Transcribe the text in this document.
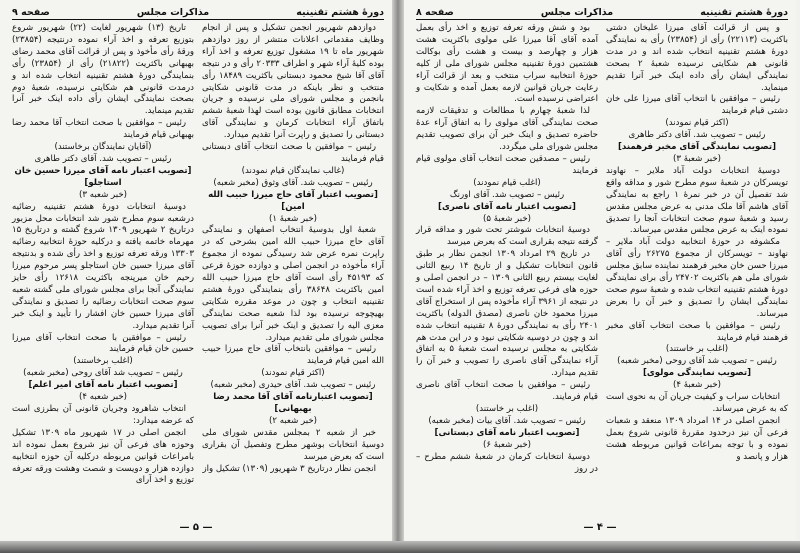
دورهٔ هشتم تقنینیه
مذاکرات مجلس
صفحه ۹

دوازدهم شهریور انجمن تشکیل و پس از انجام وظایف مقدماتی اعلانات منتشر از روز دوازدهم شهریور ماه تا ۱۹ مشغول توزیع تعرفه و اخذ آراء بوده کلیهٔ آراء شهر و اطراف ۲۰۳۳۳ رأی و در نتیجه آقای آقا شیخ محمود دبستانی باکثریت ۱۸۴۸۹ رأی منتخب و نظر باینکه در مدت قانونی شکایتی بانجمن و مجلس شورای ملی نرسیده و جریان انتخابات مطابق قانون بوده است لهذا شعبهٔ ششم باتفاق آراء انتخابات کرمان و نمایندگی آقای دبستانی را تصدیق و راپرت آنرا تقدیم میدارد.

رئیس – موافقین با صحت انتخاب آقای دبستانی قیام فرمایند

(غالب نمایندگان قیام نمودند)

رئیس – تصویب شد. آقای وثوق (مخبر شعبه)

[تصویب اعتبار آقای حاج میرزا حبیب الله امین]

(خبر شعبهٔ ۱)

شعبهٔ اول بدوسیهٔ انتخاب اصفهان و نمایندگی آقای حاج میرزا حبیب الله امین بشرحی که در راپرت نمره عرض شد رسیدگی نموده از مجموع آراء مأخوذه در انجمن اصلی و دوازده حوزهٔ فرعی که ۴۵۱۹۳ رأی است آقای حاج میرزا حبیب الله امین باکثریت ۳۸۶۴۸ رأی بنمایندگی دورهٔ هشتم تقنینیه انتخاب و چون در موعد مقرره شکایتی بهیچوجه نرسیده بود لذا شعبه صحت نمایندگی معزی الیه را تصدیق و اینک خبر آنرا برای تصویب مجلس شورای ملی تقدیم میدارد.

رئیس – موافقین بانتخاب آقای حاج میرزا حبیب الله امین قیام فرمایند

(اکثر قیام نمودند)

رئیس – تصویب شد. آقای حیدری (مخبر شعبه)

[تصویب اعتبارنامه آقای آقا محمد رضا بهبهانی]

(خبر شعبه ۲)

خبر از شعبه ۲ بمجلس مقدس شورای ملی دوسیهٔ انتخابات بوشهر مطرح وتفصیل آن بقراری است که بعرض میرسد

انجمن نظار درتاریخ ۳ شهریور (۱۳۰۹) تشکیل واز

تاریخ (۱۳) شهریور لغایت (۲۲) شهریور شروع بتوزیع تعرفه و اخذ آراء نموده درنتیجه (۲۳۸۵۴) ورقهٔ رأی مأخوذ و پس از قرائت آقای محمد رضای بهبهانی باکثریت (۲۱۸۲۲) رأی از (۲۳۸۵۴) رأی بنمایندگی دورهٔ هشتم تقنینیه انتخاب شده اند و درمدت قانونی هم شکایتی نرسیده، شعبهٔ دوم بصحت نمایندگی ایشان رأی داده اینک خبر آنرا تقدیم مینماید.

رئیس – موافقین با صحت انتخاب آقا محمد رضا بهبهانی قیام فرمایند

(آقایان نمایندگان برخاستند)

رئیس – تصویب شد. آقای دکتر طاهری

[تصویب اعتبار نامه آقای میرزا حسین خان استاجلو]

(خبر شعبه ۳)

دوسیهٔ انتخابات دورهٔ هشتم تقنینیه رضائیه درشعبه سوم مطرح شور شد انتخابات محل مزبور درتاریخ ۲ شهریور ۱۳۰۹ شروع گشته و درتاریخ ۱۵ مهرماه خاتمه یافته و درکلیه حوزهٔ انتخابیه رضائیه ۱۳۳۰۳ ورقه تعرفه توزیع و اخذ رأی شده و بدنتیجه آقای میرزا حسین خان استاجلو پسر مرحوم میرزا رحیم خان میرپنجه باکثریت ۱۲۶۱۸ رأی حایز نمایندگی آنجا برای مجلس شورای ملی گشته شعبه سوم صحت انتخابات رضائیه را تصدیق و نمایندگی آقای میرزا حسین خان افشار را تأیید و اینک خبر آنرا تقدیم میدارد.

رئیس – موافقین با صحت انتخاب آقای میرزا حسین خان قیام فرمایند

(اغلب برخاستند)

رئیس – تصویب شد آقای روحی (مخبر شعبه)

[تصویب اعتبار نامه آقای امیر اعلم]

(خبر شعبه ۴)

انتخاب شاهرود وجریان قانونی آن بطرزی است که عرضه میدارد:

انجمن اصلی در ۱۷ شهریور ماه ۱۳۰۹ تشکیل وحوزه های فرعی آن نیز شروع بعمل نموده اند بامراعات قوانین مربوطه درکلیه آن حوزه انتخابیه دوازده هزار و دویست و شصت وهشت ورقه تعرفه توزیع و اخذ آرای

— ۵ —
دورهٔ هشتم تقنینیه
مذاکرات مجلس
صفحه ۸

و پس از قرائت آقای میرزا علیخان دشتی باکثریت (۲۲۱۱۳) رأی از (۲۳۸۵۴) رأی به نمایندگی دورهٔ هشتم تقنینیه انتخاب شده اند و در مدت قانونی هم شکایتی نرسیده شعبهٔ ۲ بصحت نمایندگی ایشان رأی داده اینک خبر آنرا تقدیم مینماید.

رئیس – موافقین با انتخاب آقای میرزا علی خان دشتی قیام فرمایند

(اکثر قیام نمودند)

رئیس – تصویب شد. آقای دکتر طاهری

[تصویب نمایندگی آقای مخبر فرهمند]

(خبر شعبهٔ ۳)

دوسیهٔ انتخابات دولت آباد ملایر – نهاوند تویسرکان در شعبهٔ سوم مطرح شور و مداقه واقع شد تفصیل آن در خبر نمرهٔ ۱ راجع به نمایندگی آقای هاشم آقا ملک مدنی به عرض مجلس مقدس رسید و شعبهٔ سوم صحت انتخابات آنجا را تصدیق نموده اینک به عرض مجلس مقدس میرساند.

مکشوفه در حوزهٔ انتخابیه دولت آباد ملایر – نهاوند – تویسرکان از مجموع ۲۶۲۷۵ رأی آقای میرزا حسن خان مخبر فرهمند نماینده سابق مجلس شورای ملی هم باکثریت ۲۴۷۰۲ رأی برای نمایندگی دورهٔ هشتم تقنینیه انتخاب شده و شعبهٔ سوم صحت نمایندگی ایشان را تصدیق و خبر آن را بعرض میرساند.

رئیس – موافقین با صحت انتخاب آقای مخبر فرهمند قیام فرمایند

(اغلب بر خاستند)

رئیس – تصویب شد آقای روحی (مخبر شعبه)

[تصویب نمایندگی مولوی]

(خبر شعبهٔ ۴)

انتخابات سراب و کیفیت جریان آن به نحوی است که به عرض میرساند.

انجمن اصلی در ۱۴ امرداد ۱۳۰۹ منعقد و شعبات فرعی آن نیز درحدود مقررهٔ قانونی شروع بعمل نموده و با توجه بمراعات قوانین مربوطه هشت هزار و پانصد و

بود و شش ورقه تعرفه توزیع و اخذ رأی بعمل آمده آقای آقا میرزا علی مولوی باکثریت هشت هزار و چهارصد و بیست و هشت رأی بوکالت هشتمین دورهٔ تقنینیه مجلس شورای ملی از کلیه حوزهٔ انتخابیه سراب منتخب و بعد از قرائت آراء رعایت جریان قوانین لازمه بعمل آمده و شکایت و اعتراضی نرسیده است.

لذا شعبهٔ چهارم با مطالعات و تدقیقات لازمه صحت نمایندگی آقای مولوی را به اتفاق آراء عدهٔ حاضره تصدیق و اینک خبر آن برای تصویب تقدیم مجلس شورای ملی میگردد.

رئیس – مصدقین صحت انتخاب آقای مولوی قیام فرمایند

(اغلب قیام نمودند)

رئیس – تصویب شد. آقای اورنگ

[تصویب اعتبار نامه آقای ناصری]

(خبر شعبهٔ ۵)

دوسیهٔ انتخابات شوشتر تحت شور و مداقه قرار گرفته نتیجه بقراری است که بعرض میرسد

در تاریخ ۲۹ امرداد ۱۳۰۹ انجمن نظار بر طبق قانون انتخابات تشکیل و از تاریخ ۱۴ ربیع الثانی لغایت بیستم ربیع الثانی ۱۳۰۹ – در انجمن اصلی و حوزه های فرعی تعرفه توزیع و اخذ آراء شده است در نتیجه از ۳۹۶۱ آراء مأخوذه پس از استخراج آقای میرزا محمود خان ناصری (مصدق الدوله) باکثریت ۲۴۰۱ رأی به نمایندگی دورهٔ ۸ تقنینیه انتخاب شده اند و چون در دوسیه شکایتی نبود و در این مدت هم شکایتی به مجلس نرسیده است شعبهٔ ۵ به اتفاق آراء نمایندگی آقای ناصری را تصویب و خبر آن را تقدیم میدارد.

رئیس – موافقین با صحت انتخاب آقای ناصری قیام فرمایند.

(اغلب بر خاستند)

رئیس – تصویب شد. آقای بیات (مخبر شعبه)

[تصویب اعتبار نامه آقای دبستانی]

(خبر شعبهٔ ۶)

دوسیهٔ انتخابات کرمان در شعبهٔ ششم مطرح – در روز

— ۴ —
